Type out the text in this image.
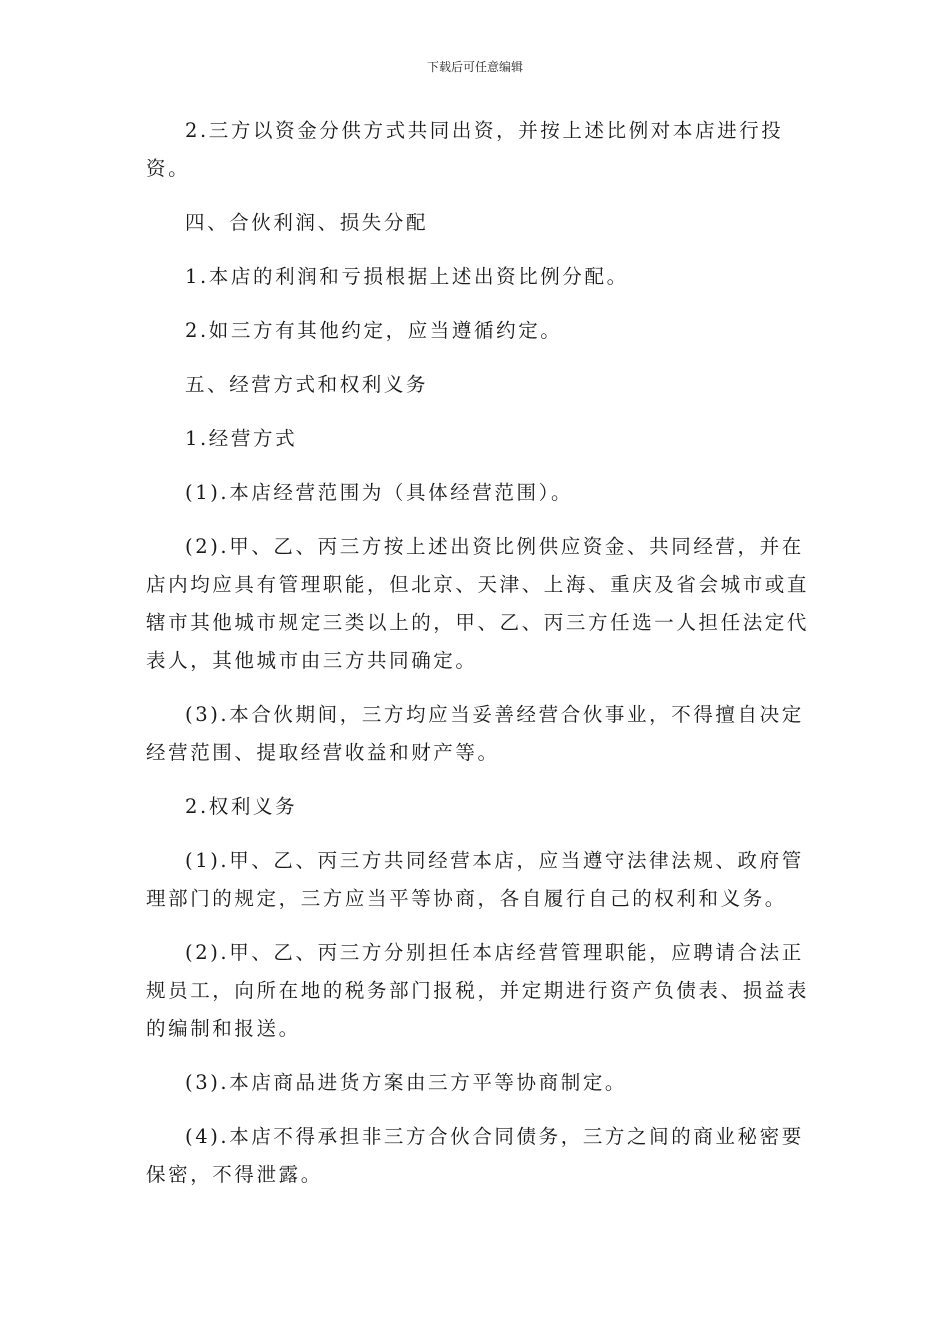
下载后可任意编辑

2.三方以资金分供方式共同出资，并按上述比例对本店进行投资。

四、合伙利润、损失分配

1.本店的利润和亏损根据上述出资比例分配。

2.如三方有其他约定，应当遵循约定。

五、经营方式和权利义务

1.经营方式

(1).本店经营范围为（具体经营范围）。

(2).甲、乙、丙三方按上述出资比例供应资金、共同经营，并在店内均应具有管理职能，但北京、天津、上海、重庆及省会城市或直辖市其他城市规定三类以上的，甲、乙、丙三方任选一人担任法定代表人，其他城市由三方共同确定。

(3).本合伙期间，三方均应当妥善经营合伙事业，不得擅自决定经营范围、提取经营收益和财产等。

2.权利义务

(1).甲、乙、丙三方共同经营本店，应当遵守法律法规、政府管理部门的规定，三方应当平等协商，各自履行自己的权利和义务。

(2).甲、乙、丙三方分别担任本店经营管理职能，应聘请合法正规员工，向所在地的税务部门报税，并定期进行资产负债表、损益表的编制和报送。

(3).本店商品进货方案由三方平等协商制定。

(4).本店不得承担非三方合伙合同债务，三方之间的商业秘密要保密，不得泄露。
